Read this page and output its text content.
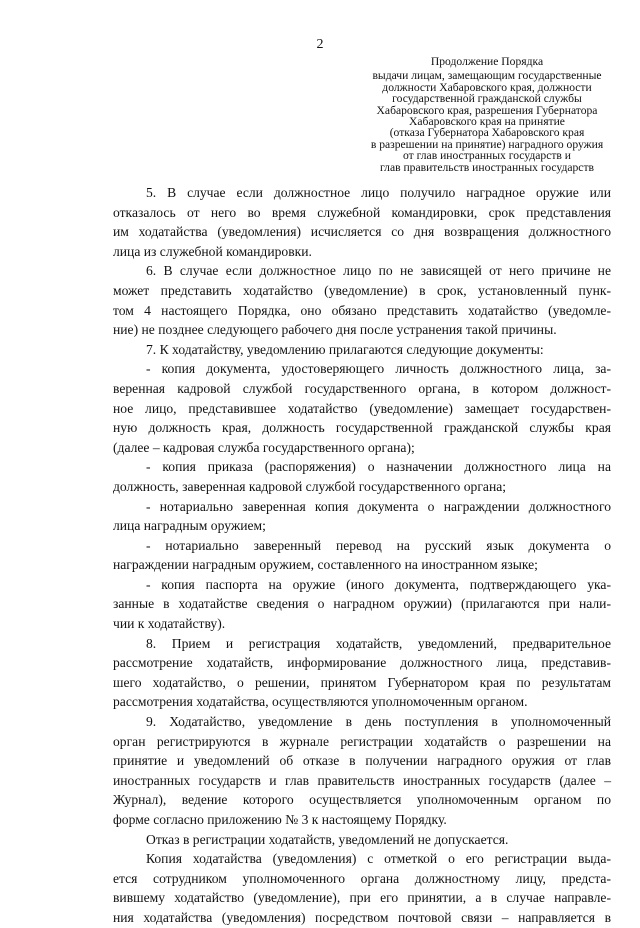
2
Продолжение Порядка
выдачи лицам, замещающим государственные
должности Хабаровского края, должности
государственной гражданской службы
Хабаровского края, разрешения Губернатора
Хабаровского края на принятие
(отказа Губернатора Хабаровского края
в разрешении на принятие) наградного оружия
от глав иностранных государств и
глав правительств иностранных государств
5. В случае если должностное лицо получило наградное оружие или
отказалось от него во время служебной командировки, срок представления
им ходатайства (уведомления) исчисляется со дня возвращения должностного
лица из служебной командировки.
6. В случае если должностное лицо по не зависящей от него причине не
может представить ходатайство (уведомление) в срок, установленный пунк-
том 4 настоящего Порядка, оно обязано представить ходатайство (уведомле-
ние) не позднее следующего рабочего дня после устранения такой причины.
7. К ходатайству, уведомлению прилагаются следующие документы:
- копия документа, удостоверяющего личность должностного лица, за-
веренная кадровой службой государственного органа, в котором должност-
ное лицо, представившее ходатайство (уведомление) замещает государствен-
ную должность края, должность государственной гражданской службы края
(далее – кадровая служба государственного органа);
- копия приказа (распоряжения) о назначении должностного лица на
должность, заверенная кадровой службой государственного органа;
- нотариально заверенная копия документа о награждении должностного
лица наградным оружием;
- нотариально заверенный перевод на русский язык документа о
награждении наградным оружием, составленного на иностранном языке;
- копия паспорта на оружие (иного документа, подтверждающего ука-
занные в ходатайстве сведения о наградном оружии) (прилагаются при нали-
чии к ходатайству).
8. Прием и регистрация ходатайств, уведомлений, предварительное
рассмотрение ходатайств, информирование должностного лица, представив-
шего ходатайство, о решении, принятом Губернатором края по результатам
рассмотрения ходатайства, осуществляются уполномоченным органом.
9. Ходатайство, уведомление в день поступления в уполномоченный
орган регистрируются в журнале регистрации ходатайств о разрешении на
принятие и уведомлений об отказе в получении наградного оружия от глав
иностранных государств и глав правительств иностранных государств (далее –
Журнал), ведение которого осуществляется уполномоченным органом по
форме согласно приложению № 3 к настоящему Порядку.
Отказ в регистрации ходатайств, уведомлений не допускается.
Копия ходатайства (уведомления) с отметкой о его регистрации выда-
ется сотрудником уполномоченного органа должностному лицу, предста-
вившему ходатайство (уведомление), при его принятии, а в случае направле-
ния ходатайства (уведомления) посредством почтовой связи – направляется в
